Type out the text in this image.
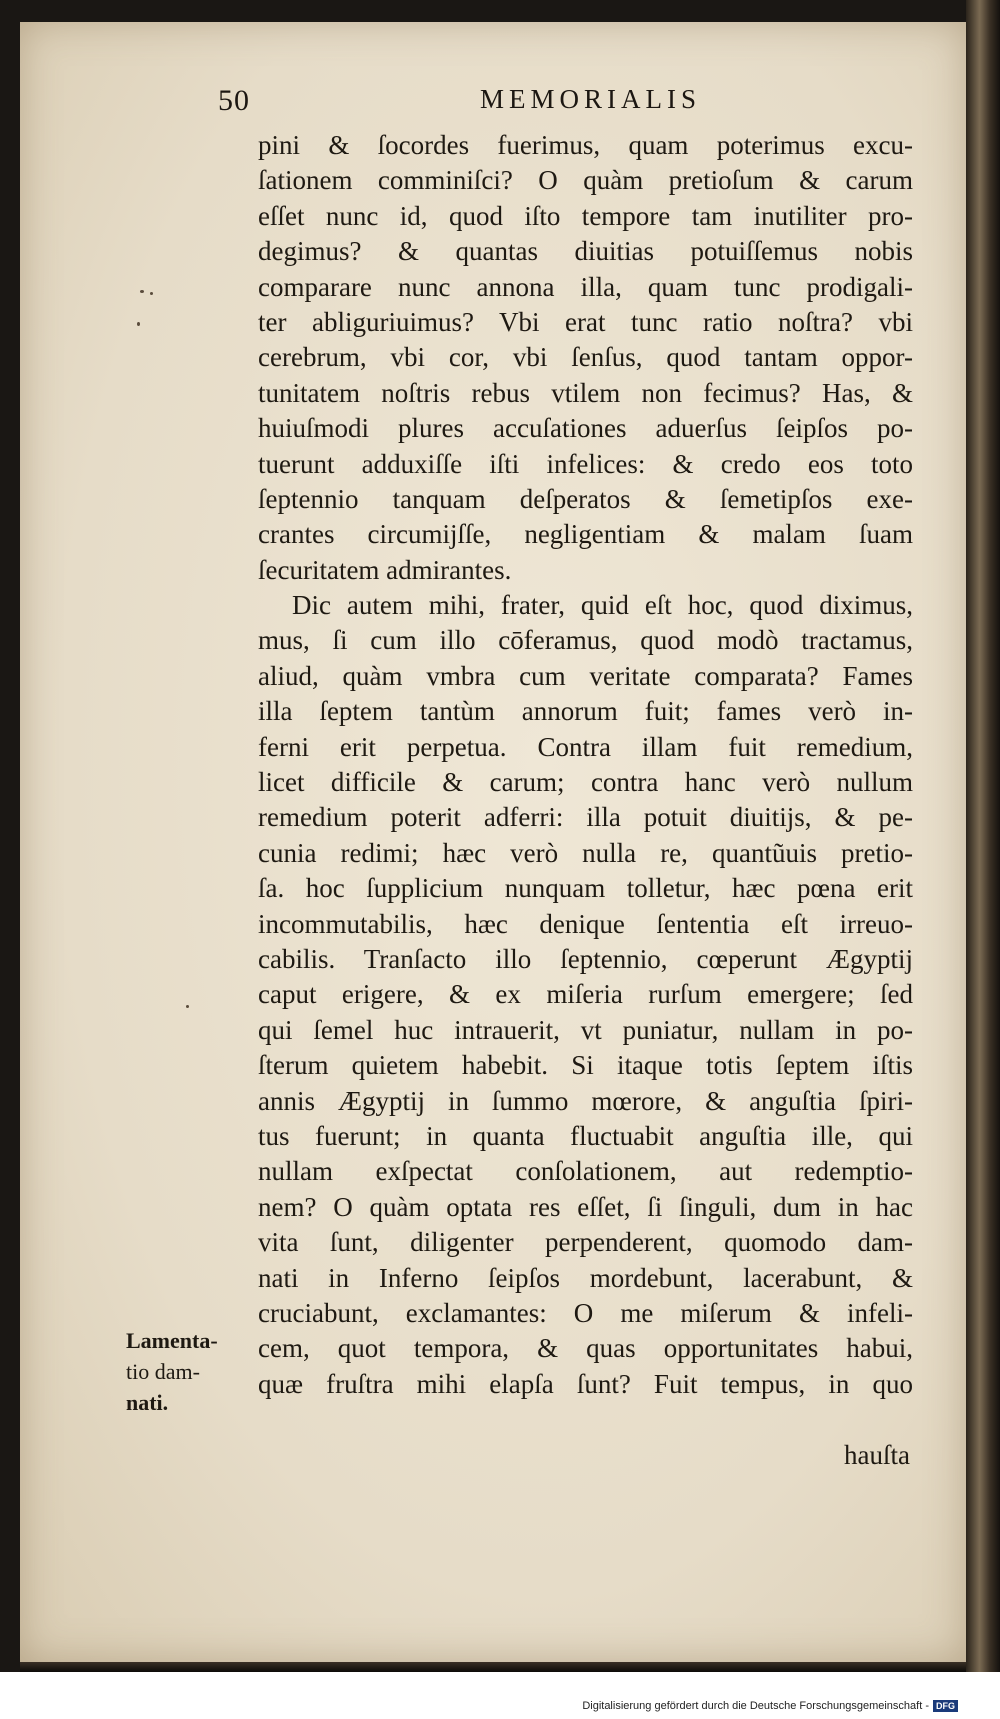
50	MEMORIALIS
pini & ſocordes fuerimus, quam poterimus excu-
ſationem comminiſci? O quàm pretioſum & carum
eſſet nunc id, quod iſto tempore tam inutiliter pro-
degimus? & quantas diuitias potuiſſemus nobis
comparare nunc annona illa, quam tunc prodigali-
ter abliguriuimus? Vbi erat tunc ratio noſtra? vbi
cerebrum, vbi cor, vbi ſenſus, quod tantam oppor-
tunitatem noſtris rebus vtilem non fecimus? Has, &
huiuſmodi plures accuſationes aduerſus ſeipſos po-
tuerunt adduxiſſe iſti infelices: & credo eos toto
ſeptennio tanquam deſperatos & ſemetipſos exe-
crantes circumijſſe, negligentiam & malam ſuam
ſecuritatem admirantes.
Dic autem mihi, frater, quid eſt hoc, quod diximus,
mus, ſi cum illo cōferamus, quod modò tractamus,
aliud, quàm vmbra cum veritate comparata? Fames
illa ſeptem tantùm annorum fuit; fames verò in-
ferni erit perpetua. Contra illam fuit remedium,
licet difficile & carum; contra hanc verò nullum
remedium poterit adferri: illa potuit diuitijs, & pe-
cunia redimi; hæc verò nulla re, quantũuis pretio-
ſa. hoc ſupplicium nunquam tolletur, hæc pœna erit
incommutabilis, hæc denique ſententia eſt irreuo-
cabilis. Tranſacto illo ſeptennio, cœperunt Ægyptij
caput erigere, & ex miſeria rurſum emergere; ſed
qui ſemel huc intrauerit, vt puniatur, nullam in po-
ſterum quietem habebit. Si itaque totis ſeptem iſtis
annis Ægyptij in ſummo mœrore, & anguſtia ſpiri-
tus fuerunt; in quanta fluctuabit anguſtia ille, qui
nullam exſpectat conſolationem, aut redemptio-
nem? O quàm optata res eſſet, ſi ſinguli, dum in hac
vita ſunt, diligenter perpenderent, quomodo dam-
nati in Inferno ſeipſos mordebunt, lacerabunt, &
cruciabunt, exclamantes: O me miſerum & infeli-
cem, quot tempora, & quas opportunitates habui,
quæ fruſtra mihi elapſa ſunt? Fuit tempus, in quo
hauſta
Lamenta-
tio dam-
nati.
Digitalisierung gefördert durch die Deutsche Forschungsgemeinschaft - DFG
